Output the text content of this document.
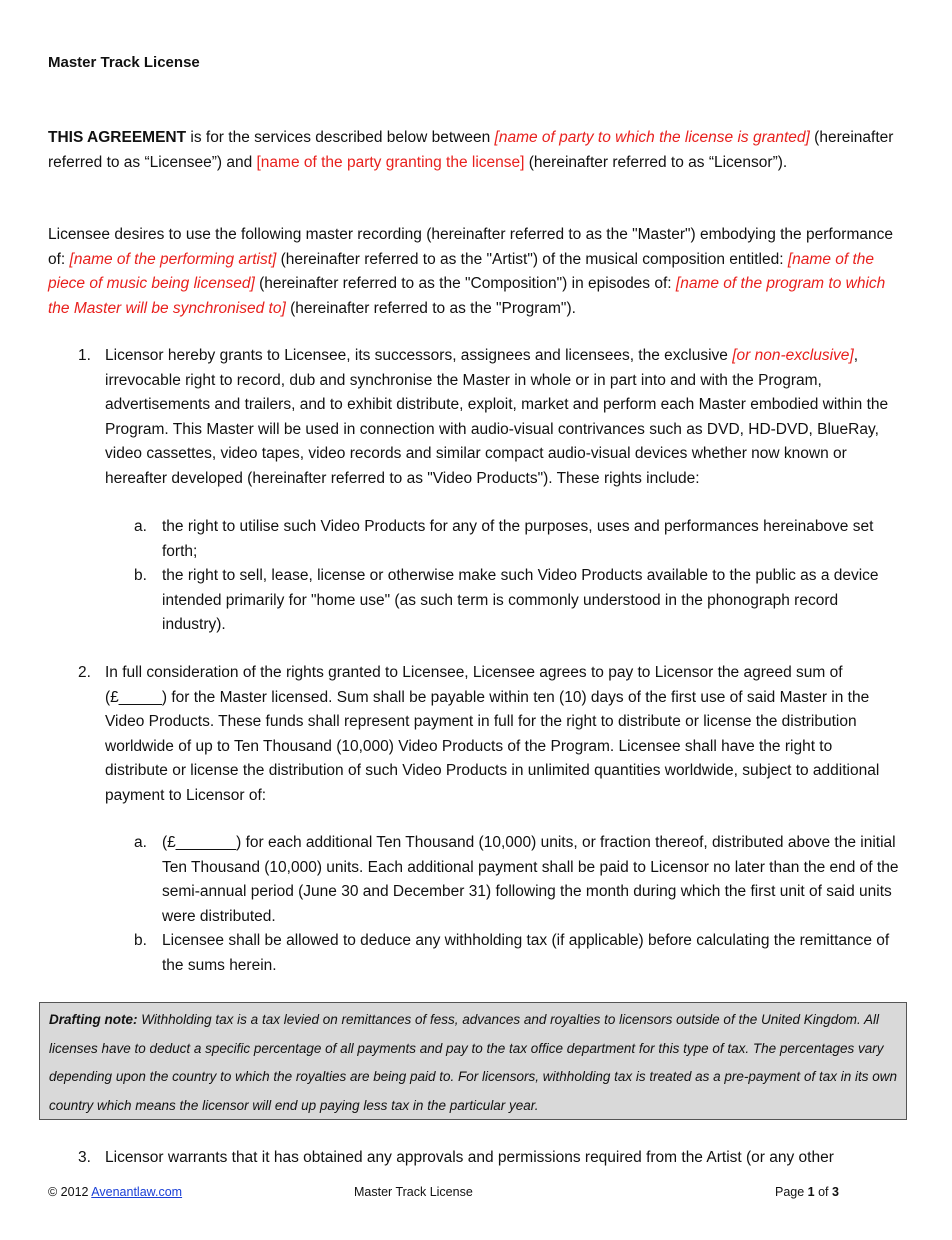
Master Track License
THIS AGREEMENT is for the services described below between [name of party to which the license is granted] (hereinafter referred to as “Licensee”) and [name of the party granting the license] (hereinafter referred to as “Licensor”).
Licensee desires to use the following master recording (hereinafter referred to as the "Master") embodying the performance of: [name of the performing artist] (hereinafter referred to as the "Artist") of the musical composition entitled: [name of the piece of music being licensed] (hereinafter referred to as the "Composition") in episodes of: [name of the program to which the Master will be synchronised to] (hereinafter referred to as the "Program").
1. Licensor hereby grants to Licensee, its successors, assignees and licensees, the exclusive [or non-exclusive], irrevocable right to record, dub and synchronise the Master in whole or in part into and with the Program, advertisements and trailers, and to exhibit distribute, exploit, market and perform each Master embodied within the Program. This Master will be used in connection with audio-visual contrivances such as DVD, HD-DVD, BlueRay, video cassettes, video tapes, video records and similar compact audio-visual devices whether now known or hereafter developed (hereinafter referred to as "Video Products"). These rights include:
a. the right to utilise such Video Products for any of the purposes, uses and performances hereinabove set forth;
b. the right to sell, lease, license or otherwise make such Video Products available to the public as a device intended primarily for "home use" (as such term is commonly understood in the phonograph record industry).
2. In full consideration of the rights granted to Licensee, Licensee agrees to pay to Licensor the agreed sum of (£_____) for the Master licensed. Sum shall be payable within ten (10) days of the first use of said Master in the Video Products. These funds shall represent payment in full for the right to distribute or license the distribution worldwide of up to Ten Thousand (10,000) Video Products of the Program. Licensee shall have the right to distribute or license the distribution of such Video Products in unlimited quantities worldwide, subject to additional payment to Licensor of:
a. (£_______) for each additional Ten Thousand (10,000) units, or fraction thereof, distributed above the initial Ten Thousand (10,000) units. Each additional payment shall be paid to Licensor no later than the end of the semi-annual period (June 30 and December 31) following the month during which the first unit of said units were distributed.
b. Licensee shall be allowed to deduce any withholding tax (if applicable) before calculating the remittance of the sums herein.
Drafting note: Withholding tax is a tax levied on remittances of fess, advances and royalties to licensors outside of the United Kingdom. All licenses have to deduct a specific percentage of all payments and pay to the tax office department for this type of tax. The percentages vary depending upon the country to which the royalties are being paid to. For licensors, withholding tax is treated as a pre-payment of tax in its own country which means the licensor will end up paying less tax in the particular year.
3. Licensor warrants that it has obtained any approvals and permissions required from the Artist (or any other
© 2012 Avenantlaw.com	Master Track License	Page 1 of 3
